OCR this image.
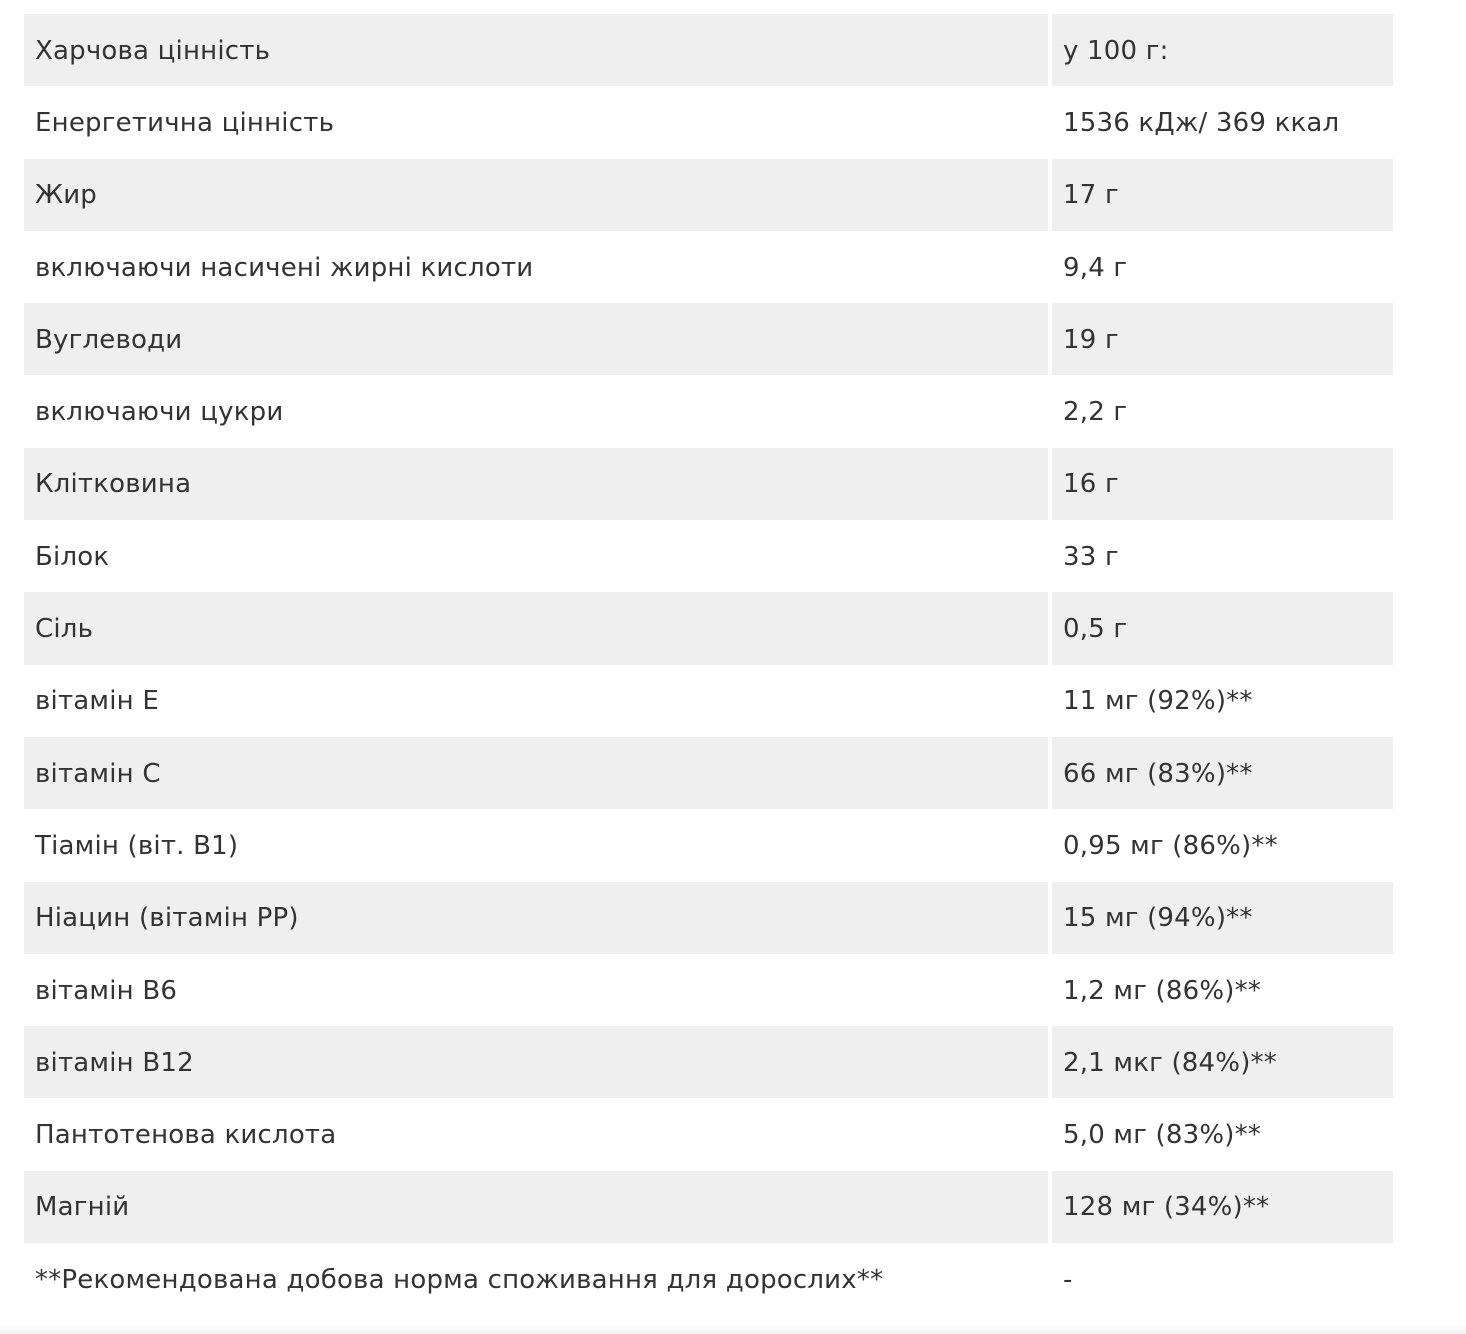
Харчова цінність	у 100 г:
Енергетична цінність	1536 кДж/ 369 ккал
Жир	17 г
включаючи насичені жирні кислоти	9,4 г
Вуглеводи	19 г
включаючи цукри	2,2 г
Клітковина	16 г
Білок	33 г
Сіль	0,5 г
вітамін Е	11 мг (92%)**
вітамін С	66 мг (83%)**
Тіамін (віт. В1)	0,95 мг (86%)**
Ніацин (вітамін РР)	15 мг (94%)**
вітамін В6	1,2 мг (86%)**
вітамін В12	2,1 мкг (84%)**
Пантотенова кислота	5,0 мг (83%)**
Магній	128 мг (34%)**
**Рекомендована добова норма споживання для дорослих**	-
